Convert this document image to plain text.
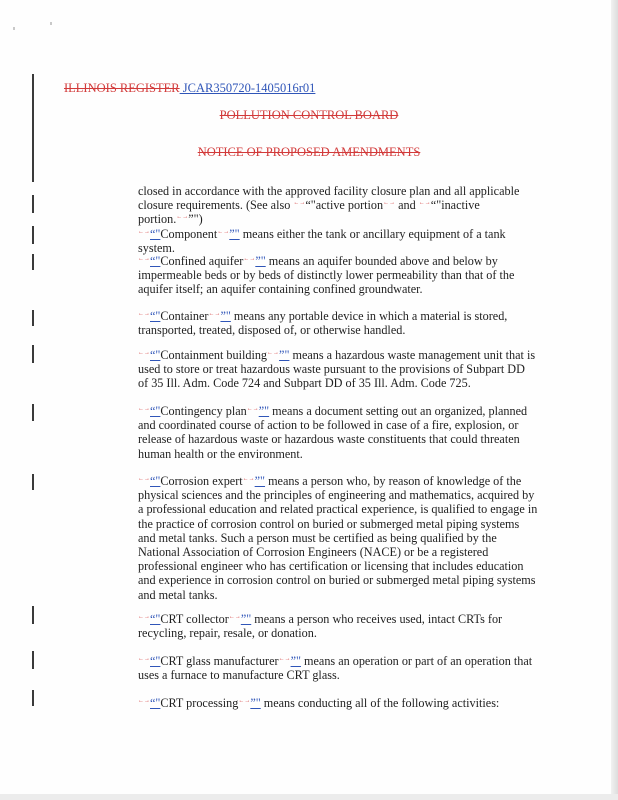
ILLINOIS REGISTER JCAR350720-1405016r01
POLLUTION CONTROL BOARD
NOTICE OF PROPOSED AMENDMENTS

closed in accordance with the approved facility closure plan and all applicable closure requirements. (See also ←→“"active portion←→ and ←→“"inactive portion.←→”")

←→“"Component←→”" means either the tank or ancillary equipment of a tank system.

←→“"Confined aquifer←→”" means an aquifer bounded above and below by impermeable beds or by beds of distinctly lower permeability than that of the aquifer itself; an aquifer containing confined groundwater.

←→“"Container←→”" means any portable device in which a material is stored, transported, treated, disposed of, or otherwise handled.

←→“"Containment building←→”" means a hazardous waste management unit that is used to store or treat hazardous waste pursuant to the provisions of Subpart DD of 35 Ill. Adm. Code 724 and Subpart DD of 35 Ill. Adm. Code 725.

←→“"Contingency plan←→”" means a document setting out an organized, planned and coordinated course of action to be followed in case of a fire, explosion, or release of hazardous waste or hazardous waste constituents that could threaten human health or the environment.

←→“"Corrosion expert←→”" means a person who, by reason of knowledge of the physical sciences and the principles of engineering and mathematics, acquired by a professional education and related practical experience, is qualified to engage in the practice of corrosion control on buried or submerged metal piping systems and metal tanks. Such a person must be certified as being qualified by the National Association of Corrosion Engineers (NACE) or be a registered professional engineer who has certification or licensing that includes education and experience in corrosion control on buried or submerged metal piping systems and metal tanks.

←→“"CRT collector←→”" means a person who receives used, intact CRTs for recycling, repair, resale, or donation.

←→“"CRT glass manufacturer←→”" means an operation or part of an operation that uses a furnace to manufacture CRT glass.

←→“"CRT processing←→”" means conducting all of the following activities:
